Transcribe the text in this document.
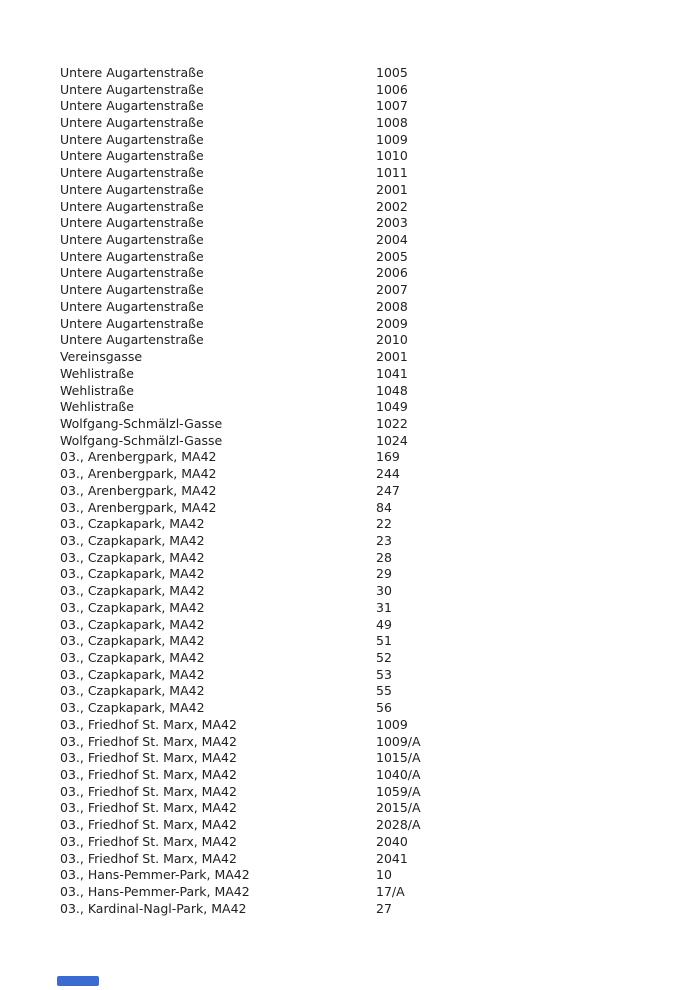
Untere Augartenstraße	1005
Untere Augartenstraße	1006
Untere Augartenstraße	1007
Untere Augartenstraße	1008
Untere Augartenstraße	1009
Untere Augartenstraße	1010
Untere Augartenstraße	1011
Untere Augartenstraße	2001
Untere Augartenstraße	2002
Untere Augartenstraße	2003
Untere Augartenstraße	2004
Untere Augartenstraße	2005
Untere Augartenstraße	2006
Untere Augartenstraße	2007
Untere Augartenstraße	2008
Untere Augartenstraße	2009
Untere Augartenstraße	2010
Vereinsgasse	2001
Wehlistraße	1041
Wehlistraße	1048
Wehlistraße	1049
Wolfgang-Schmälzl-Gasse	1022
Wolfgang-Schmälzl-Gasse	1024
03., Arenbergpark, MA42	169
03., Arenbergpark, MA42	244
03., Arenbergpark, MA42	247
03., Arenbergpark, MA42	84
03., Czapkapark, MA42	22
03., Czapkapark, MA42	23
03., Czapkapark, MA42	28
03., Czapkapark, MA42	29
03., Czapkapark, MA42	30
03., Czapkapark, MA42	31
03., Czapkapark, MA42	49
03., Czapkapark, MA42	51
03., Czapkapark, MA42	52
03., Czapkapark, MA42	53
03., Czapkapark, MA42	55
03., Czapkapark, MA42	56
03., Friedhof St. Marx, MA42	1009
03., Friedhof St. Marx, MA42	1009/A
03., Friedhof St. Marx, MA42	1015/A
03., Friedhof St. Marx, MA42	1040/A
03., Friedhof St. Marx, MA42	1059/A
03., Friedhof St. Marx, MA42	2015/A
03., Friedhof St. Marx, MA42	2028/A
03., Friedhof St. Marx, MA42	2040
03., Friedhof St. Marx, MA42	2041
03., Hans-Pemmer-Park, MA42	10
03., Hans-Pemmer-Park, MA42	17/A
03., Kardinal-Nagl-Park, MA42	27
